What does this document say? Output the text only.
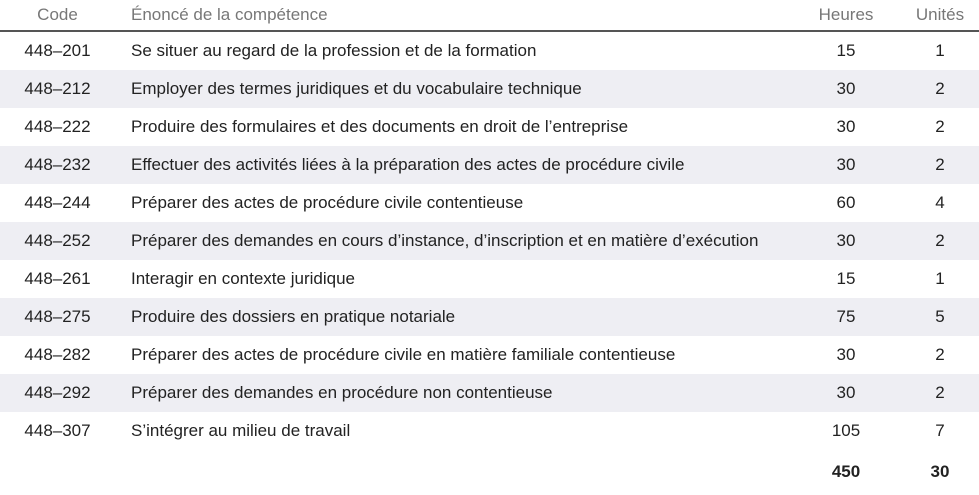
Code	Énoncé de la compétence	Heures	Unités
448–201	Se situer au regard de la profession et de la formation	15	1
448–212	Employer des termes juridiques et du vocabulaire technique	30	2
448–222	Produire des formulaires et des documents en droit de l’entreprise	30	2
448–232	Effectuer des activités liées à la préparation des actes de procédure civile	30	2
448–244	Préparer des actes de procédure civile contentieuse	60	4
448–252	Préparer des demandes en cours d’instance, d’inscription et en matière d’exécution	30	2
448–261	Interagir en contexte juridique	15	1
448–275	Produire des dossiers en pratique notariale	75	5
448–282	Préparer des actes de procédure civile en matière familiale contentieuse	30	2
448–292	Préparer des demandes en procédure non contentieuse	30	2
448–307	S’intégrer au milieu de travail	105	7
		450	30
